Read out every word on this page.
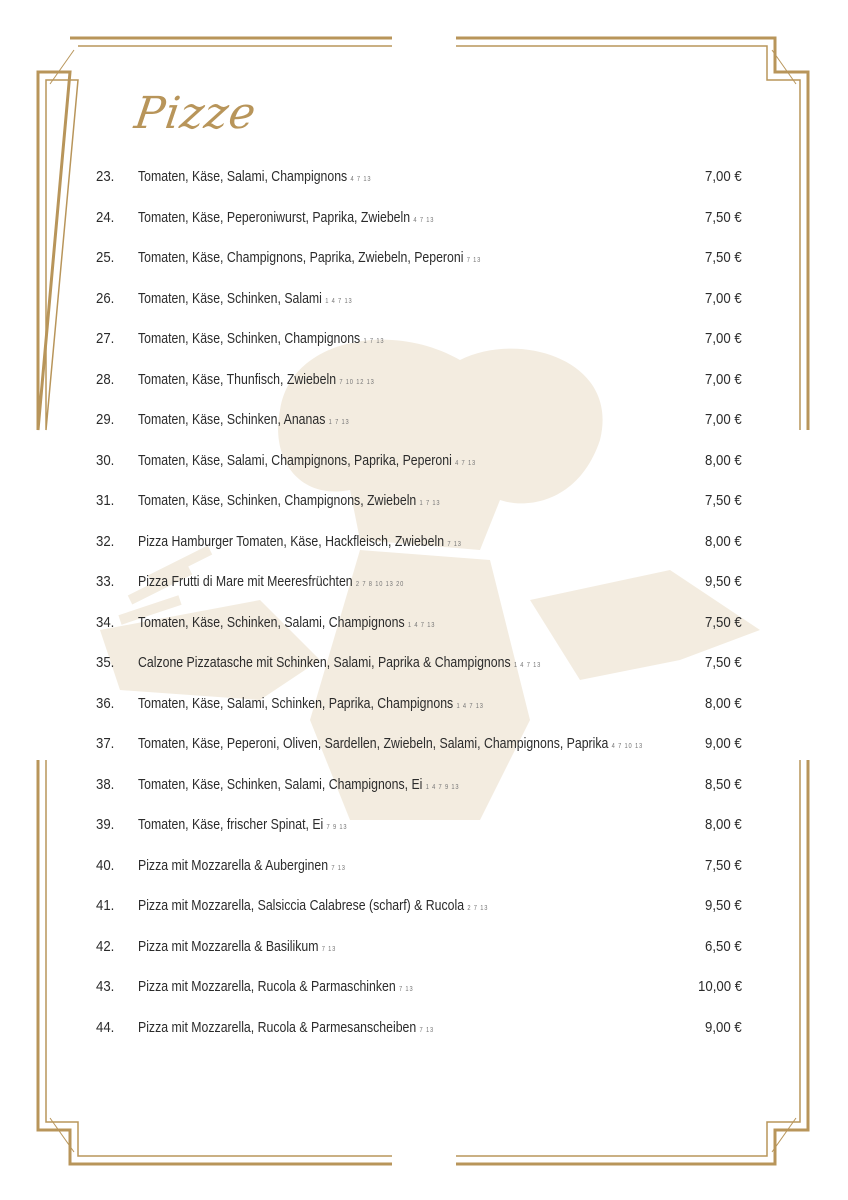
Pizze
23. Tomaten, Käse, Salami, Champignons 4 7 13	7,00 €
24. Tomaten, Käse, Peperoniwurst, Paprika, Zwiebeln 4 7 13	7,50 €
25. Tomaten, Käse, Champignons, Paprika, Zwiebeln, Peperoni 7 13	7,50 €
26. Tomaten, Käse, Schinken, Salami 1 4 7 13	7,00 €
27. Tomaten, Käse, Schinken, Champignons 1 7 13	7,00 €
28. Tomaten, Käse, Thunfisch, Zwiebeln 7 10 12 13	7,00 €
29. Tomaten, Käse, Schinken, Ananas 1 7 13	7,00 €
30. Tomaten, Käse, Salami, Champignons, Paprika, Peperoni 4 7 13	8,00 €
31. Tomaten, Käse, Schinken, Champignons, Zwiebeln 1 7 13	7,50 €
32. Pizza Hamburger Tomaten, Käse, Hackfleisch, Zwiebeln 7 13	8,00 €
33. Pizza Frutti di Mare mit Meeresfrüchten 2 7 8 10 13 20	9,50 €
34. Tomaten, Käse, Schinken, Salami, Champignons 1 4 7 13	7,50 €
35. Calzone Pizzatasche mit Schinken, Salami, Paprika & Champignons 1 4 7 13	7,50 €
36. Tomaten, Käse, Salami, Schinken, Paprika, Champignons 1 4 7 13	8,00 €
37. Tomaten, Käse, Peperoni, Oliven, Sardellen, Zwiebeln, Salami, Champignons, Paprika 4 7 10 13	9,00 €
38. Tomaten, Käse, Schinken, Salami, Champignons, Ei 1 4 7 9 13	8,50 €
39. Tomaten, Käse, frischer Spinat, Ei 7 9 13	8,00 €
40. Pizza mit Mozzarella & Auberginen 7 13	7,50 €
41. Pizza mit Mozzarella, Salsiccia Calabrese (scharf) & Rucola 2 7 13	9,50 €
42. Pizza mit Mozzarella & Basilikum 7 13	6,50 €
43. Pizza mit Mozzarella, Rucola & Parmaschinken 7 13	10,00 €
44. Pizza mit Mozzarella, Rucola & Parmesanscheiben 7 13	9,00 €
